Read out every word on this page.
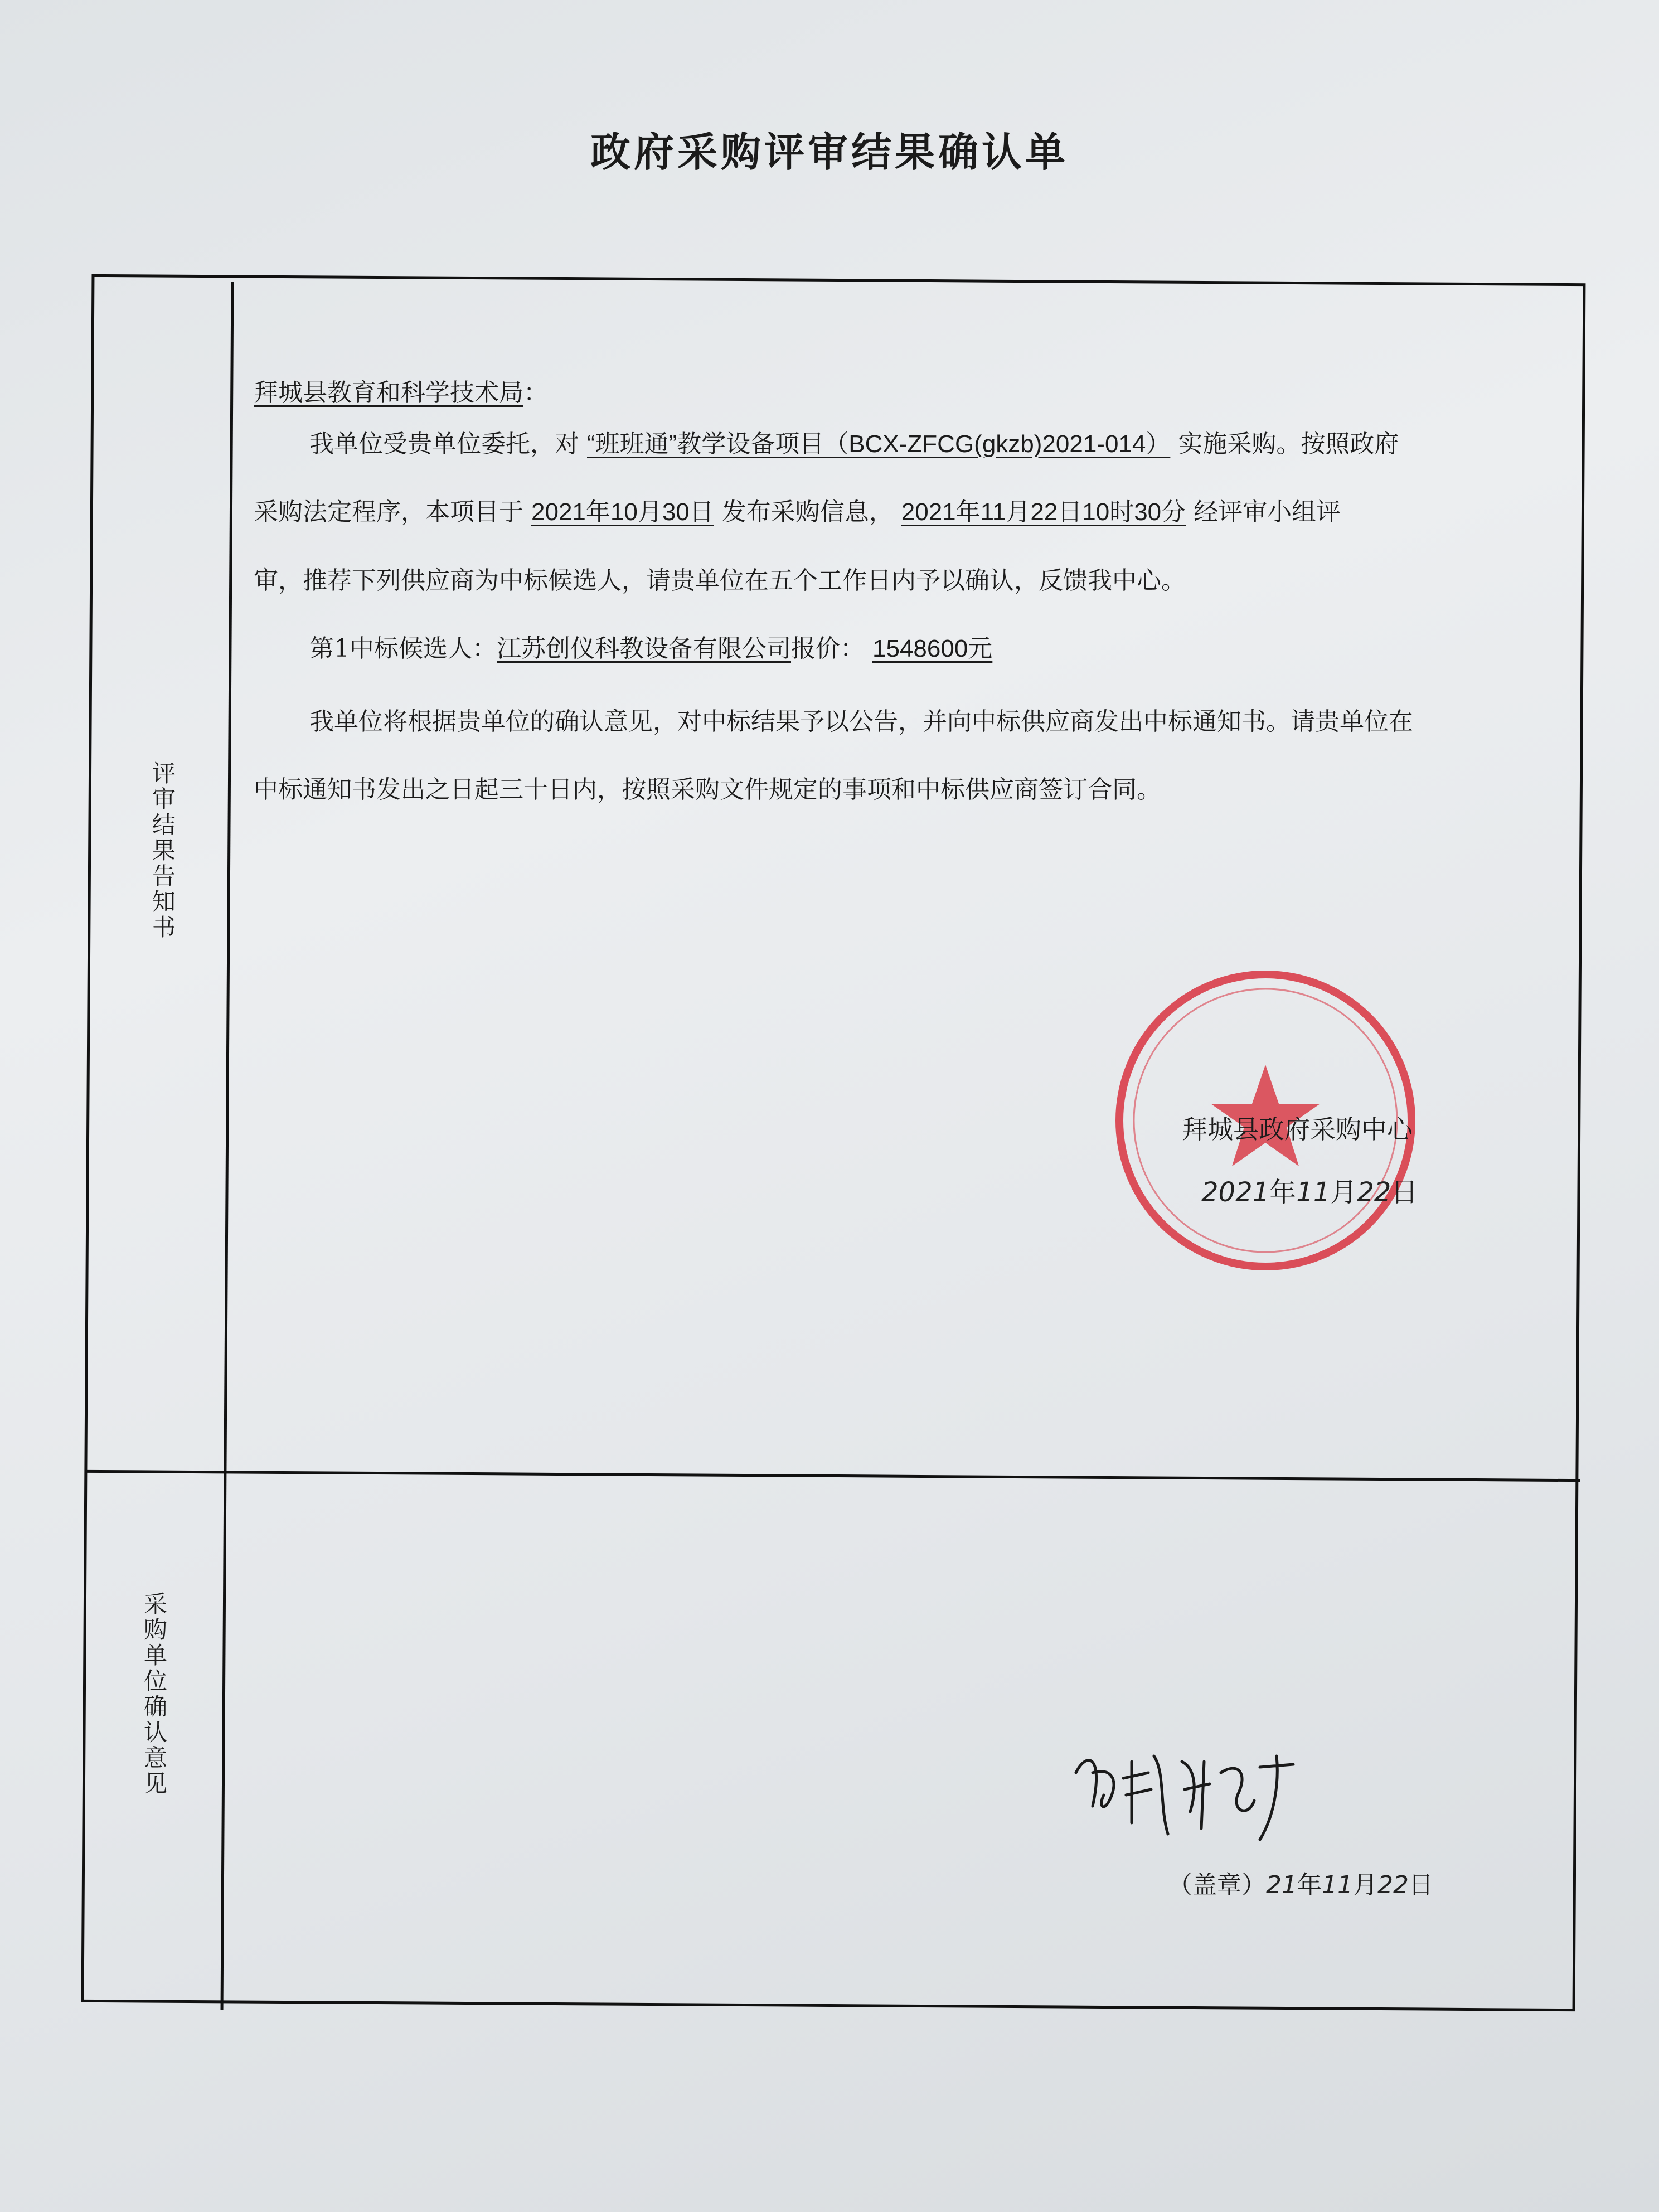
政府采购评审结果确认单
评审结果告知书
拜城县教育和科学技术局：
我单位受贵单位委托，对 “班班通”教学设备项目（BCX-ZFCG(gkzb)2021-014） 实施采购。按照政府
采购法定程序，本项目于 2021年10月30日 发布采购信息， 2021年11月22日10时30分 经评审小组评
审，推荐下列供应商为中标候选人，请贵单位在五个工作日内予以确认，反馈我中心。
第1中标候选人：江苏创仪科教设备有限公司报价： 1548600元
我单位将根据贵单位的确认意见，对中标结果予以公告，并向中标供应商发出中标通知书。请贵单位在
中标通知书发出之日起三十日内，按照采购文件规定的事项和中标供应商签订合同。
拜城县政府采购中心
2021年11月22日
采购单位确认意见
（盖章）21年11月22日
